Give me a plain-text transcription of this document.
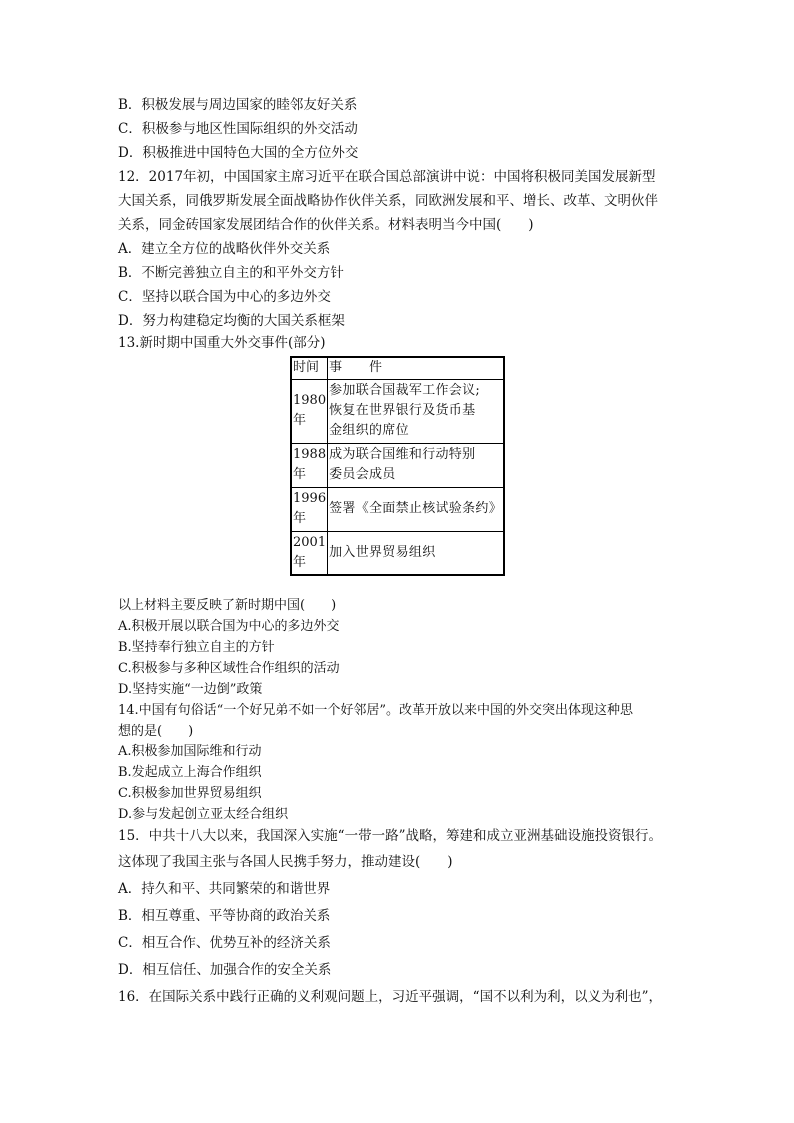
B．积极发展与周边国家的睦邻友好关系
C．积极参与地区性国际组织的外交活动
D．积极推进中国特色大国的全方位外交
12．2017年初，中国国家主席习近平在联合国总部演讲中说：中国将积极同美国发展新型
大国关系，同俄罗斯发展全面战略协作伙伴关系，同欧洲发展和平、增长、改革、文明伙伴
关系，同金砖国家发展团结合作的伙伴关系。材料表明当今中国(　　)
A．建立全方位的战略伙伴外交关系
B．不断完善独立自主的和平外交方针
C．坚持以联合国为中心的多边外交
D．努力构建稳定均衡的大国关系框架
13.新时期中国重大外交事件(部分)
时间	事　　件

1980
年	参加联合国裁军工作会议;
恢复在世界银行及货币基
金组织的席位

1988
年	成为联合国维和行动特别
委员会成员

1996
年	签署《全面禁止核试验条约》

2001
年	加入世界贸易组织
以上材料主要反映了新时期中国(　　)
A.积极开展以联合国为中心的多边外交
B.坚持奉行独立自主的方针
C.积极参与多种区域性合作组织的活动
D.坚持实施“一边倒”政策
14.中国有句俗话“一个好兄弟不如一个好邻居”。改革开放以来中国的外交突出体现这种思
想的是(　　)
A.积极参加国际维和行动
B.发起成立上海合作组织
C.积极参加世界贸易组织
D.参与发起创立亚太经合组织
15．中共十八大以来，我国深入实施“一带一路”战略，筹建和成立亚洲基础设施投资银行。
这体现了我国主张与各国人民携手努力，推动建设(　　)
A．持久和平、共同繁荣的和谐世界
B．相互尊重、平等协商的政治关系
C．相互合作、优势互补的经济关系
D．相互信任、加强合作的安全关系
16．在国际关系中践行正确的义利观问题上，习近平强调，“国不以利为利，以义为利也”，
